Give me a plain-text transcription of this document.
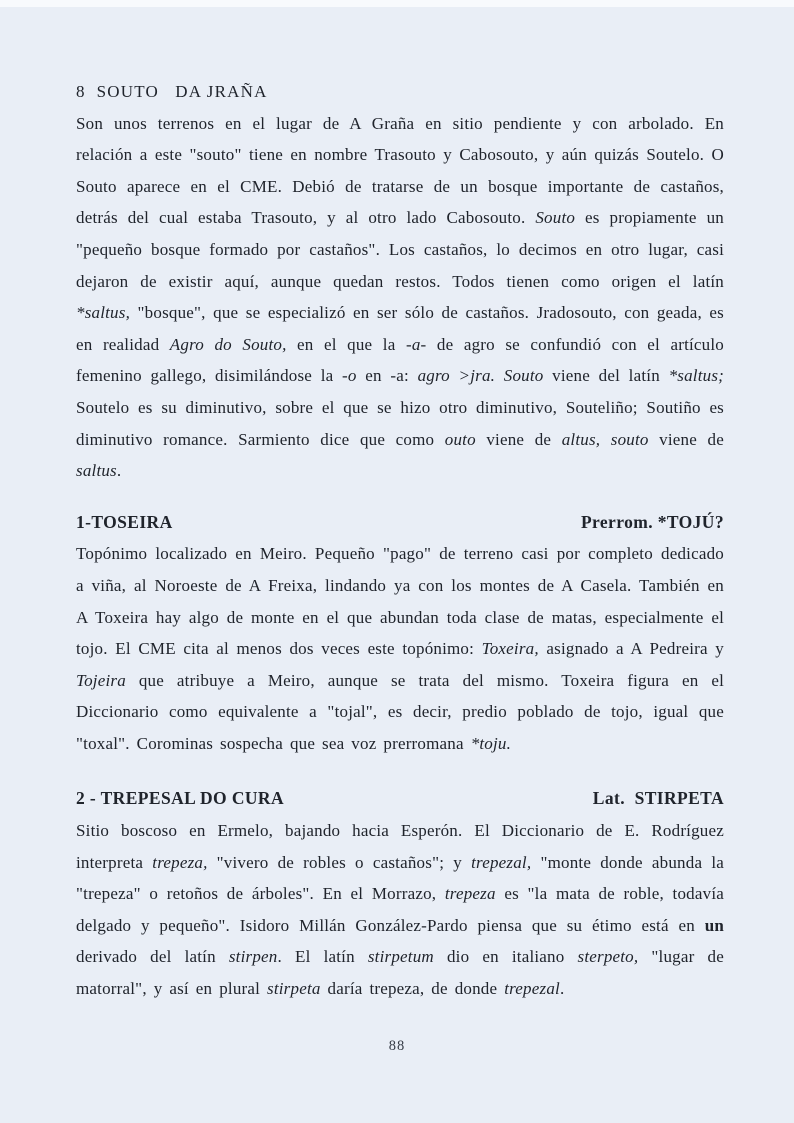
8  SOUTO   DA JRAÑA

Son unos terrenos en el lugar de A Graña en sitio pendiente y con arbolado. En relación a este "souto" tiene en nombre Trasouto y Cabosouto, y aún quizás Soutelo. O Souto aparece en el CME. Debió de tratarse de un bosque importante de castaños, detrás del cual estaba Trasouto, y al otro lado Cabosouto. Souto es propiamente un "pequeño bosque formado por castaños". Los castaños, lo decimos en otro lugar, casi dejaron de existir aquí, aunque quedan restos. Todos tienen como origen el latín *saltus, "bosque", que se especializó en ser sólo de castaños. Jradosouto, con geada, es en realidad Agro do Souto, en el que la -a- de agro se confundió con el artículo femenino gallego, disimilándose la -o en -a: agro >jra. Souto viene del latín *saltus; Soutelo es su diminutivo, sobre el que se hizo otro diminutivo, Souteliño; Soutiño es diminutivo romance. Sarmiento dice que como outo viene de altus, souto viene de saltus.

1-TOSEIRA	Prerrom. *TOJÚ?

Topónimo localizado en Meiro. Pequeño "pago" de terreno casi por completo dedicado a viña, al Noroeste de A Freixa, lindando ya con los montes de A Casela. También en A Toxeira hay algo de monte en el que abundan toda clase de matas, especialmente el tojo. El CME cita al menos dos veces este topónimo: Toxeira, asignado a A Pedreira y Tojeira que atribuye a Meiro, aunque se trata del mismo. Toxeira figura en el Diccionario como equivalente a "tojal", es decir, predio poblado de tojo, igual que "toxal". Corominas sospecha que sea voz prerromana *toju.

2 - TREPESAL DO CURA	Lat.  STIRPETA

Sitio boscoso en Ermelo, bajando hacia Esperón. El Diccionario de E. Rodríguez interpreta trepeza, "vivero de robles o castaños"; y trepezal, "monte donde abunda la "trepeza" o retoños de árboles". En el Morrazo, trepeza es "la mata de roble, todavía delgado y pequeño". Isidoro Millán González-Pardo piensa que su étimo está en un derivado del latín stirpen. El latín stirpetum dio en italiano sterpeto, "lugar de matorral", y así en plural stirpeta daría trepeza, de donde trepezal.

88
